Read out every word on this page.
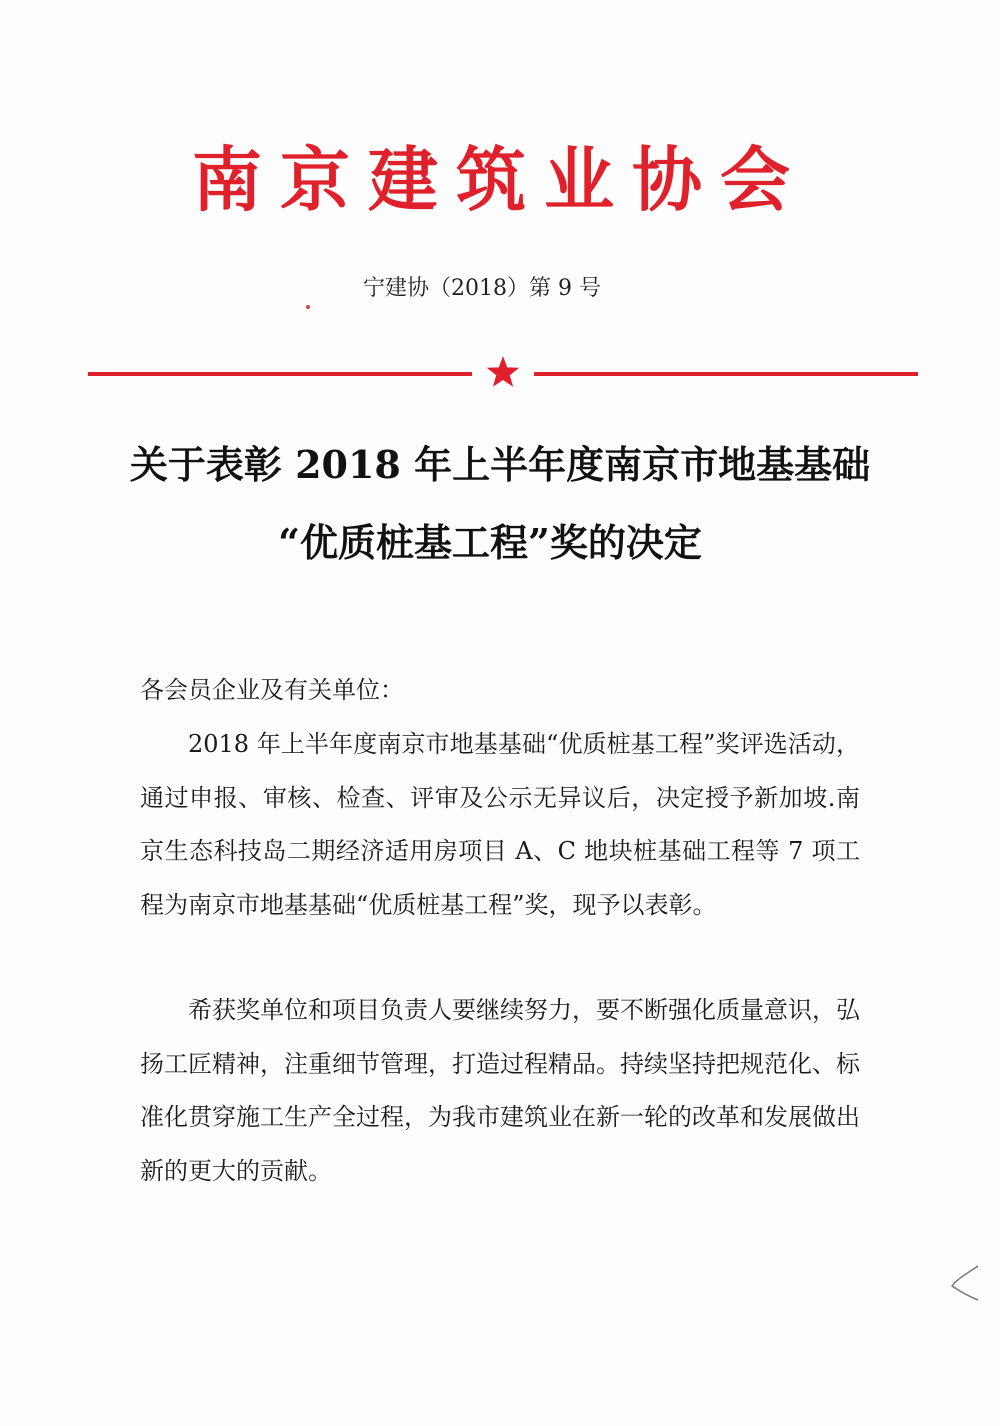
南京建筑业协会
宁建协（2018）第 9 号
关于表彰 2018 年上半年度南京市地基基础
“优质桩基工程”奖的决定
各会员企业及有关单位：
2018 年上半年度南京市地基基础“优质桩基工程”奖评选活动，通过申报、审核、检查、评审及公示无异议后，决定授予新加坡.南京生态科技岛二期经济适用房项目 A、C 地块桩基础工程等 7 项工程为南京市地基基础“优质桩基工程”奖，现予以表彰。
希获奖单位和项目负责人要继续努力，要不断强化质量意识，弘扬工匠精神，注重细节管理，打造过程精品。持续坚持把规范化、标准化贯穿施工生产全过程，为我市建筑业在新一轮的改革和发展做出新的更大的贡献。
